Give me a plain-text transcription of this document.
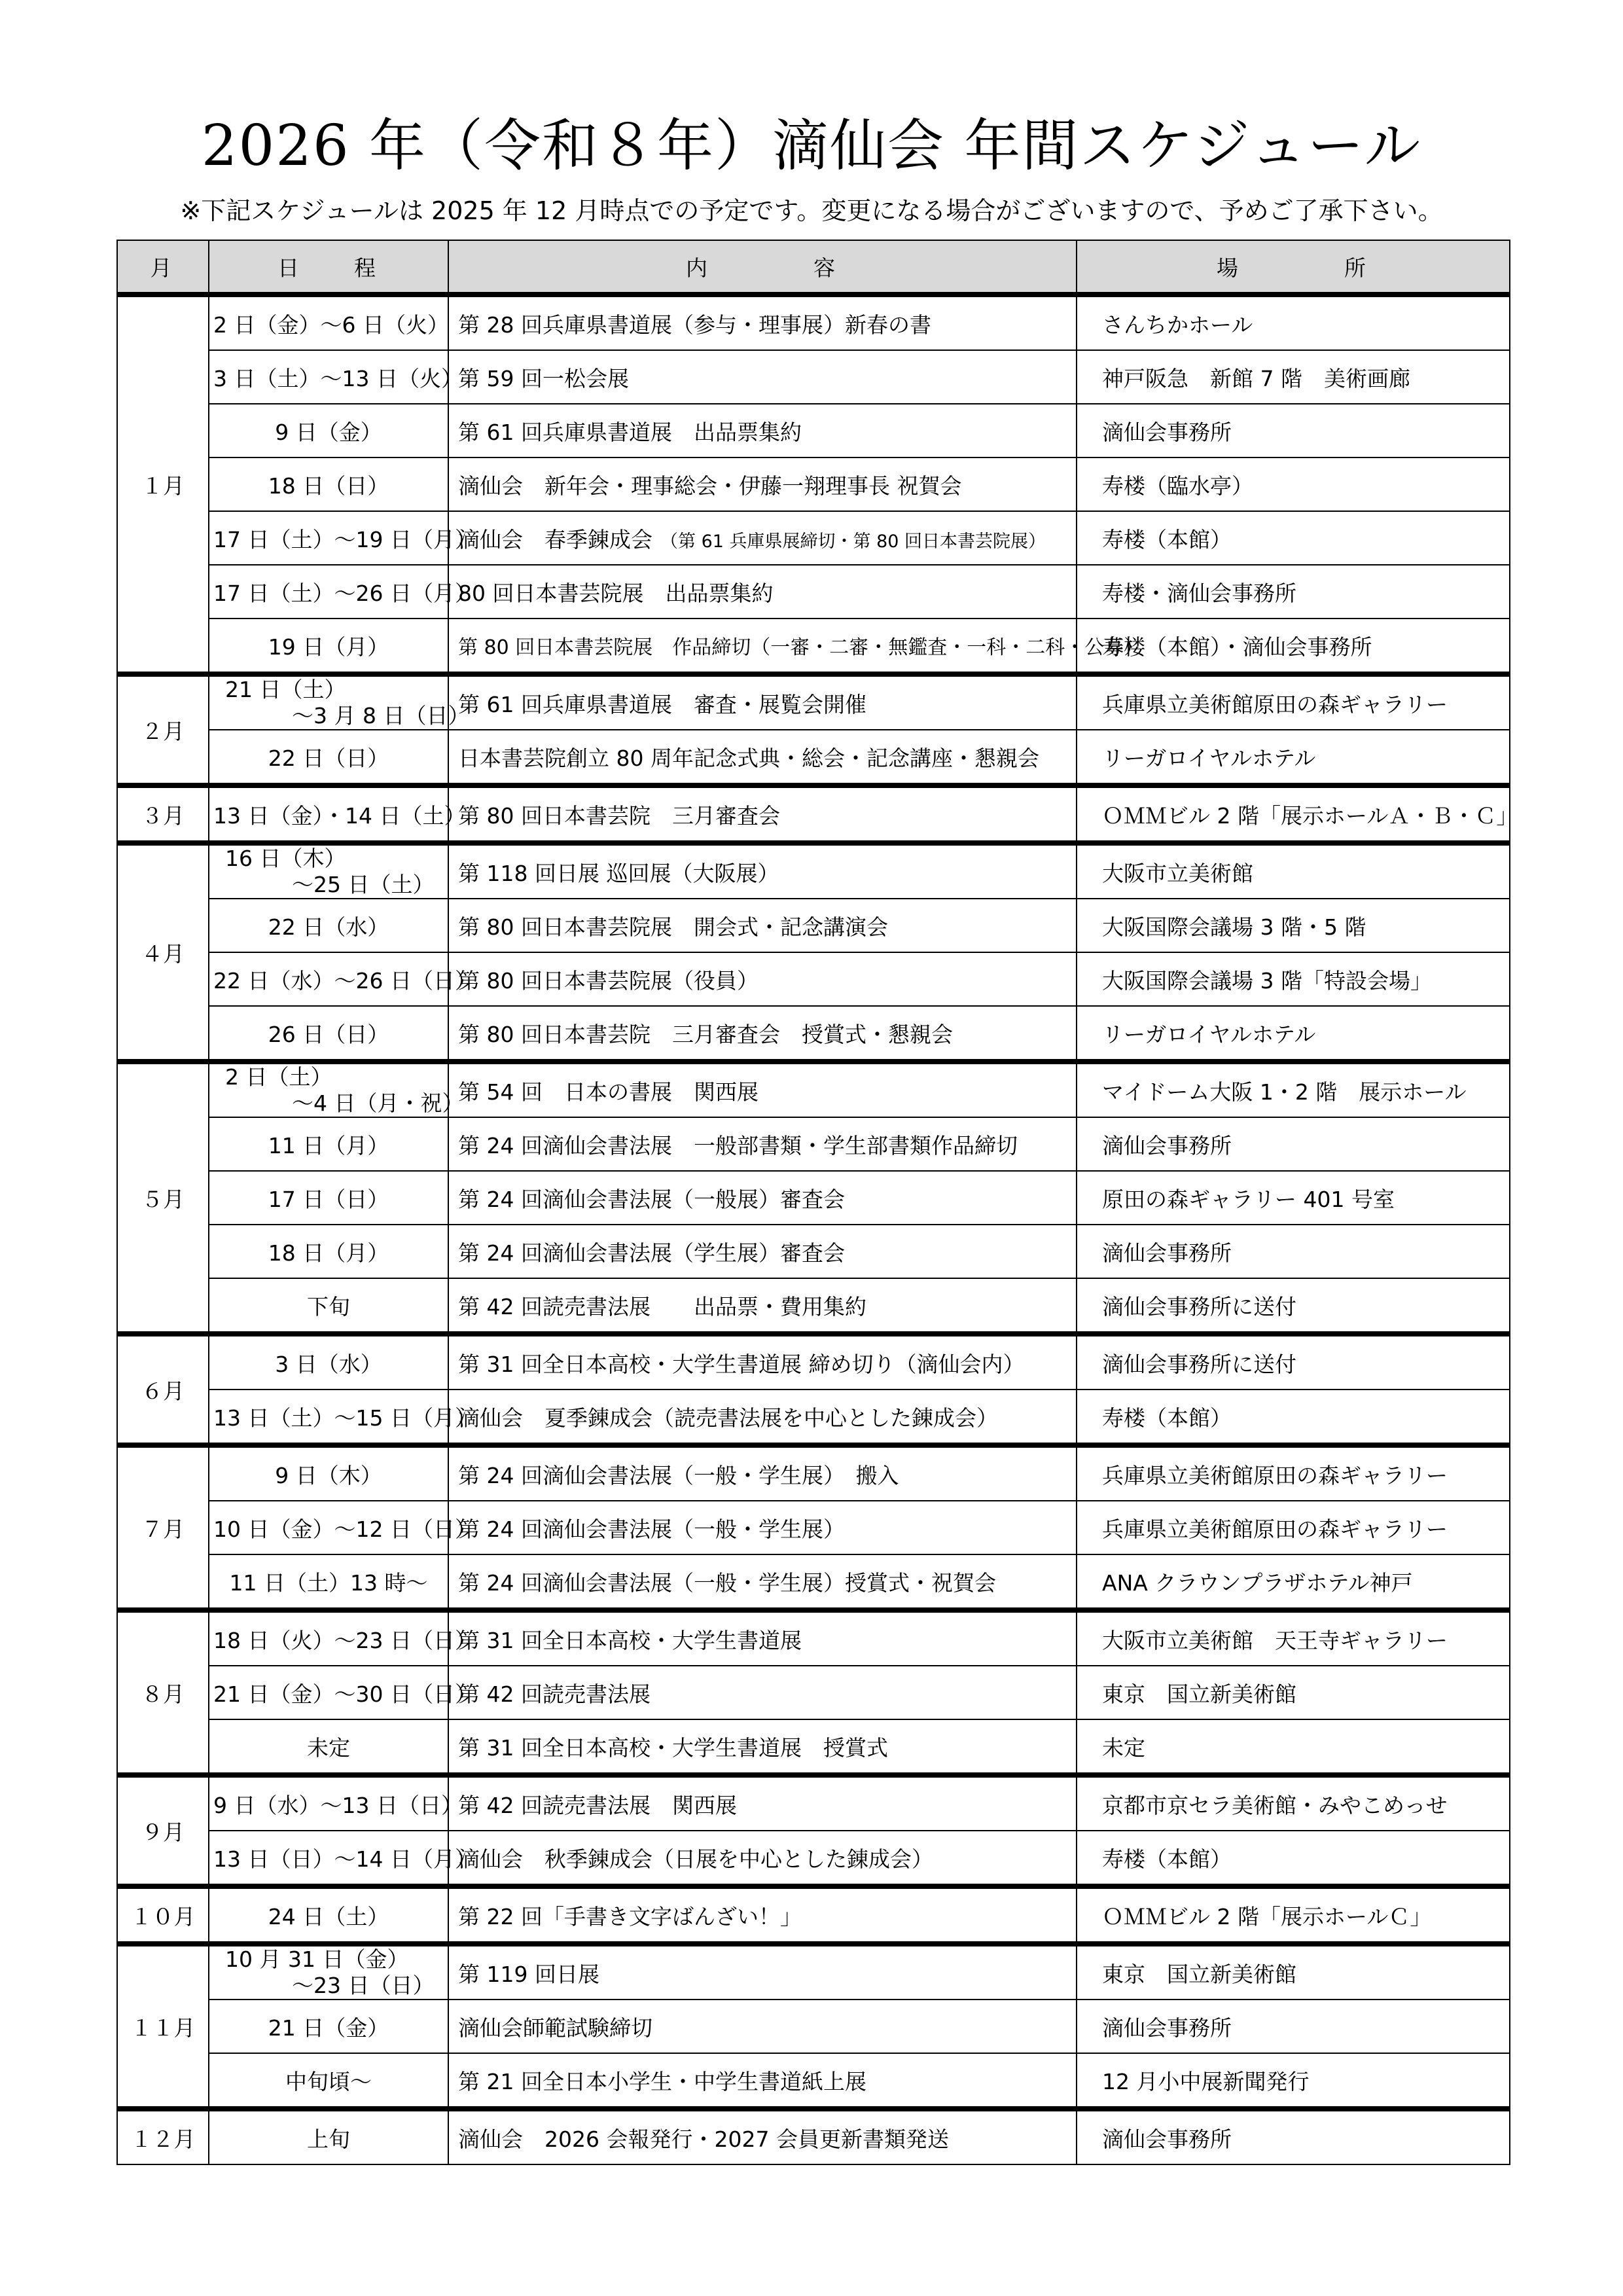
2026 年（令和８年）滴仙会 年間スケジュール
※下記スケジュールは 2025 年 12 月時点での予定です。変更になる場合がございますので、予めご了承下さい。
月	日　　程	内　　　　容	場　　　　所
１月	2 日（金）～6 日（火）	第 28 回兵庫県書道展（参与・理事展）新春の書	さんちかホール
	3 日（土）～13 日（火）	第 59 回一松会展	神戸阪急　新館 7 階　美術画廊
	9 日（金）	第 61 回兵庫県書道展　出品票集約	滴仙会事務所
	18 日（日）	滴仙会　新年会・理事総会・伊藤一翔理事長 祝賀会	寿楼（臨水亭）
	17 日（土）～19 日（月）	滴仙会　春季錬成会 （第 61 兵庫県展締切・第 80 回日本書芸院展）	寿楼（本館）
	17 日（土）～26 日（月）	80 回日本書芸院展　出品票集約	寿楼・滴仙会事務所
	19 日（月）	第 80 回日本書芸院展　作品締切（一審・二審・無鑑査・一科・二科・公募）	寿楼（本館）・滴仙会事務所
２月	21 日（土）
～3 月 8 日（日）	第 61 回兵庫県書道展　審査・展覧会開催	兵庫県立美術館原田の森ギャラリー
	22 日（日）	日本書芸院創立 80 周年記念式典・総会・記念講座・懇親会	リーガロイヤルホテル
３月	13 日（金）・14 日（土）	第 80 回日本書芸院　三月審査会	ＯＭＭビル 2 階「展示ホールＡ・Ｂ・Ｃ」
４月	16 日（木）
～25 日（土）	第 118 回日展 巡回展（大阪展）	大阪市立美術館
	22 日（水）	第 80 回日本書芸院展　開会式・記念講演会	大阪国際会議場 3 階・5 階
	22 日（水）～26 日（日）	第 80 回日本書芸院展（役員）	大阪国際会議場 3 階「特設会場」
	26 日（日）	第 80 回日本書芸院　三月審査会　授賞式・懇親会	リーガロイヤルホテル
５月	2 日（土）
～4 日（月・祝）	第 54 回　日本の書展　関西展	マイドーム大阪 1・2 階　展示ホール
	11 日（月）	第 24 回滴仙会書法展　一般部書類・学生部書類作品締切	滴仙会事務所
	17 日（日）	第 24 回滴仙会書法展（一般展）審査会	原田の森ギャラリー 401 号室
	18 日（月）	第 24 回滴仙会書法展（学生展）審査会	滴仙会事務所
	下旬	第 42 回読売書法展　　出品票・費用集約	滴仙会事務所に送付
６月	3 日（水）	第 31 回全日本高校・大学生書道展 締め切り（滴仙会内）	滴仙会事務所に送付
	13 日（土）～15 日（月）	滴仙会　夏季錬成会（読売書法展を中心とした錬成会）	寿楼（本館）
７月	9 日（木）	第 24 回滴仙会書法展（一般・学生展）　搬入	兵庫県立美術館原田の森ギャラリー
	10 日（金）～12 日（日）	第 24 回滴仙会書法展（一般・学生展）	兵庫県立美術館原田の森ギャラリー
	11 日（土）13 時～	第 24 回滴仙会書法展（一般・学生展）授賞式・祝賀会	ANA クラウンプラザホテル神戸
８月	18 日（火）～23 日（日）	第 31 回全日本高校・大学生書道展	大阪市立美術館　天王寺ギャラリー
	21 日（金）～30 日（日）	第 42 回読売書法展	東京　国立新美術館
	未定	第 31 回全日本高校・大学生書道展　授賞式	未定
９月	9 日（水）～13 日（日）	第 42 回読売書法展　関西展	京都市京セラ美術館・みやこめっせ
	13 日（日）～14 日（月）	滴仙会　秋季錬成会（日展を中心とした錬成会）	寿楼（本館）
１０月	24 日（土）	第 22 回「手書き文字ばんざい！」	ＯＭＭビル 2 階「展示ホールＣ」
１１月	10 月 31 日（金）
～23 日（日）	第 119 回日展	東京　国立新美術館
	21 日（金）	滴仙会師範試験締切	滴仙会事務所
	中旬頃～	第 21 回全日本小学生・中学生書道紙上展	12 月小中展新聞発行
１２月	上旬	滴仙会　2026 会報発行・2027 会員更新書類発送	滴仙会事務所
